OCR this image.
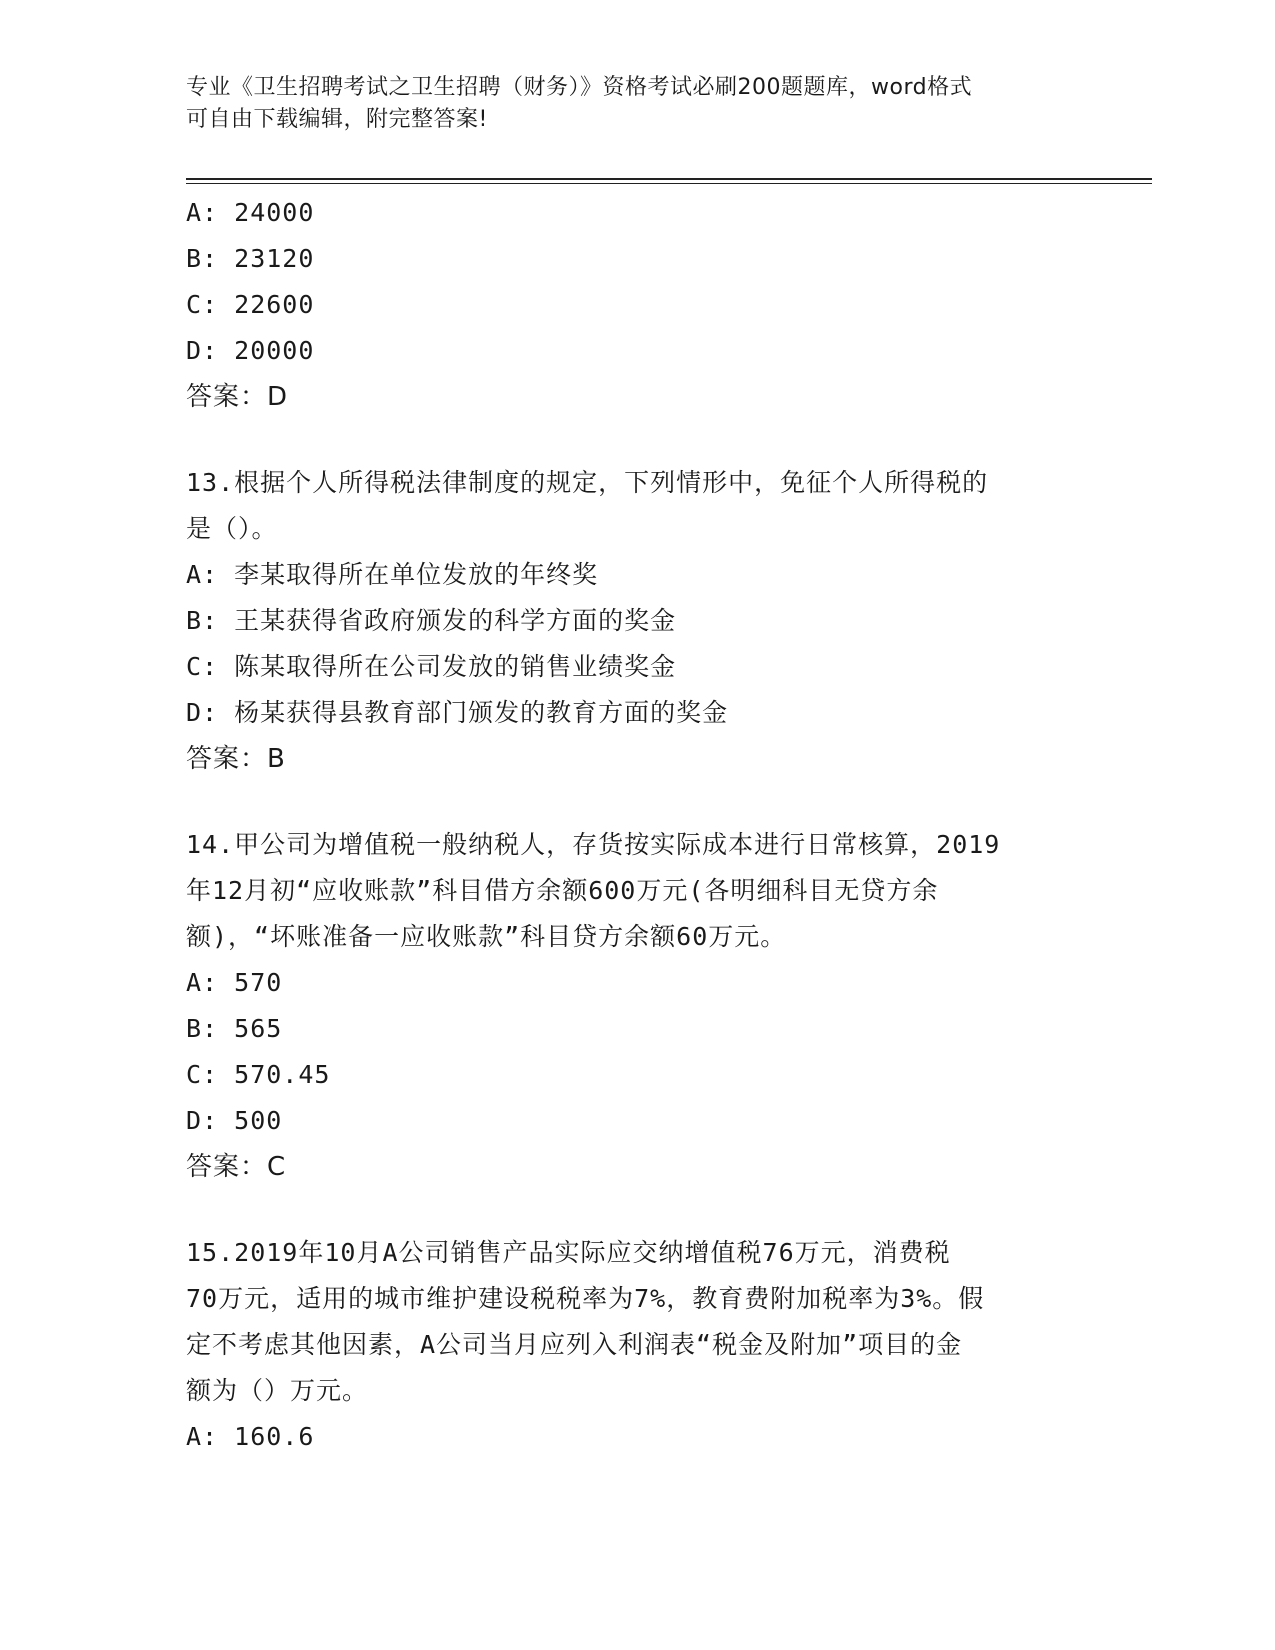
专业《卫生招聘考试之卫生招聘（财务）》资格考试必刷200题题库，word格式
可自由下载编辑，附完整答案!
A: 24000
B: 23120
C: 22600
D: 20000
答案：D
13.根据个人所得税法律制度的规定，下列情形中，免征个人所得税的
是（）。
A: 李某取得所在单位发放的年终奖
B: 王某获得省政府颁发的科学方面的奖金
C: 陈某取得所在公司发放的销售业绩奖金
D: 杨某获得县教育部门颁发的教育方面的奖金
答案：B
14.甲公司为增值税一般纳税人，存货按实际成本进行日常核算，2019
年12月初“应收账款”科目借方余额600万元(各明细科目无贷方余
额)，“坏账准备一应收账款”科目贷方余额60万元。
A: 570
B: 565
C: 570.45
D: 500
答案：C
15.2019年10月A公司销售产品实际应交纳增值税76万元，消费税
70万元，适用的城市维护建设税税率为7%，教育费附加税率为3%。假
定不考虑其他因素，A公司当月应列入利润表“税金及附加”项目的金
额为（）万元。
A: 160.6
